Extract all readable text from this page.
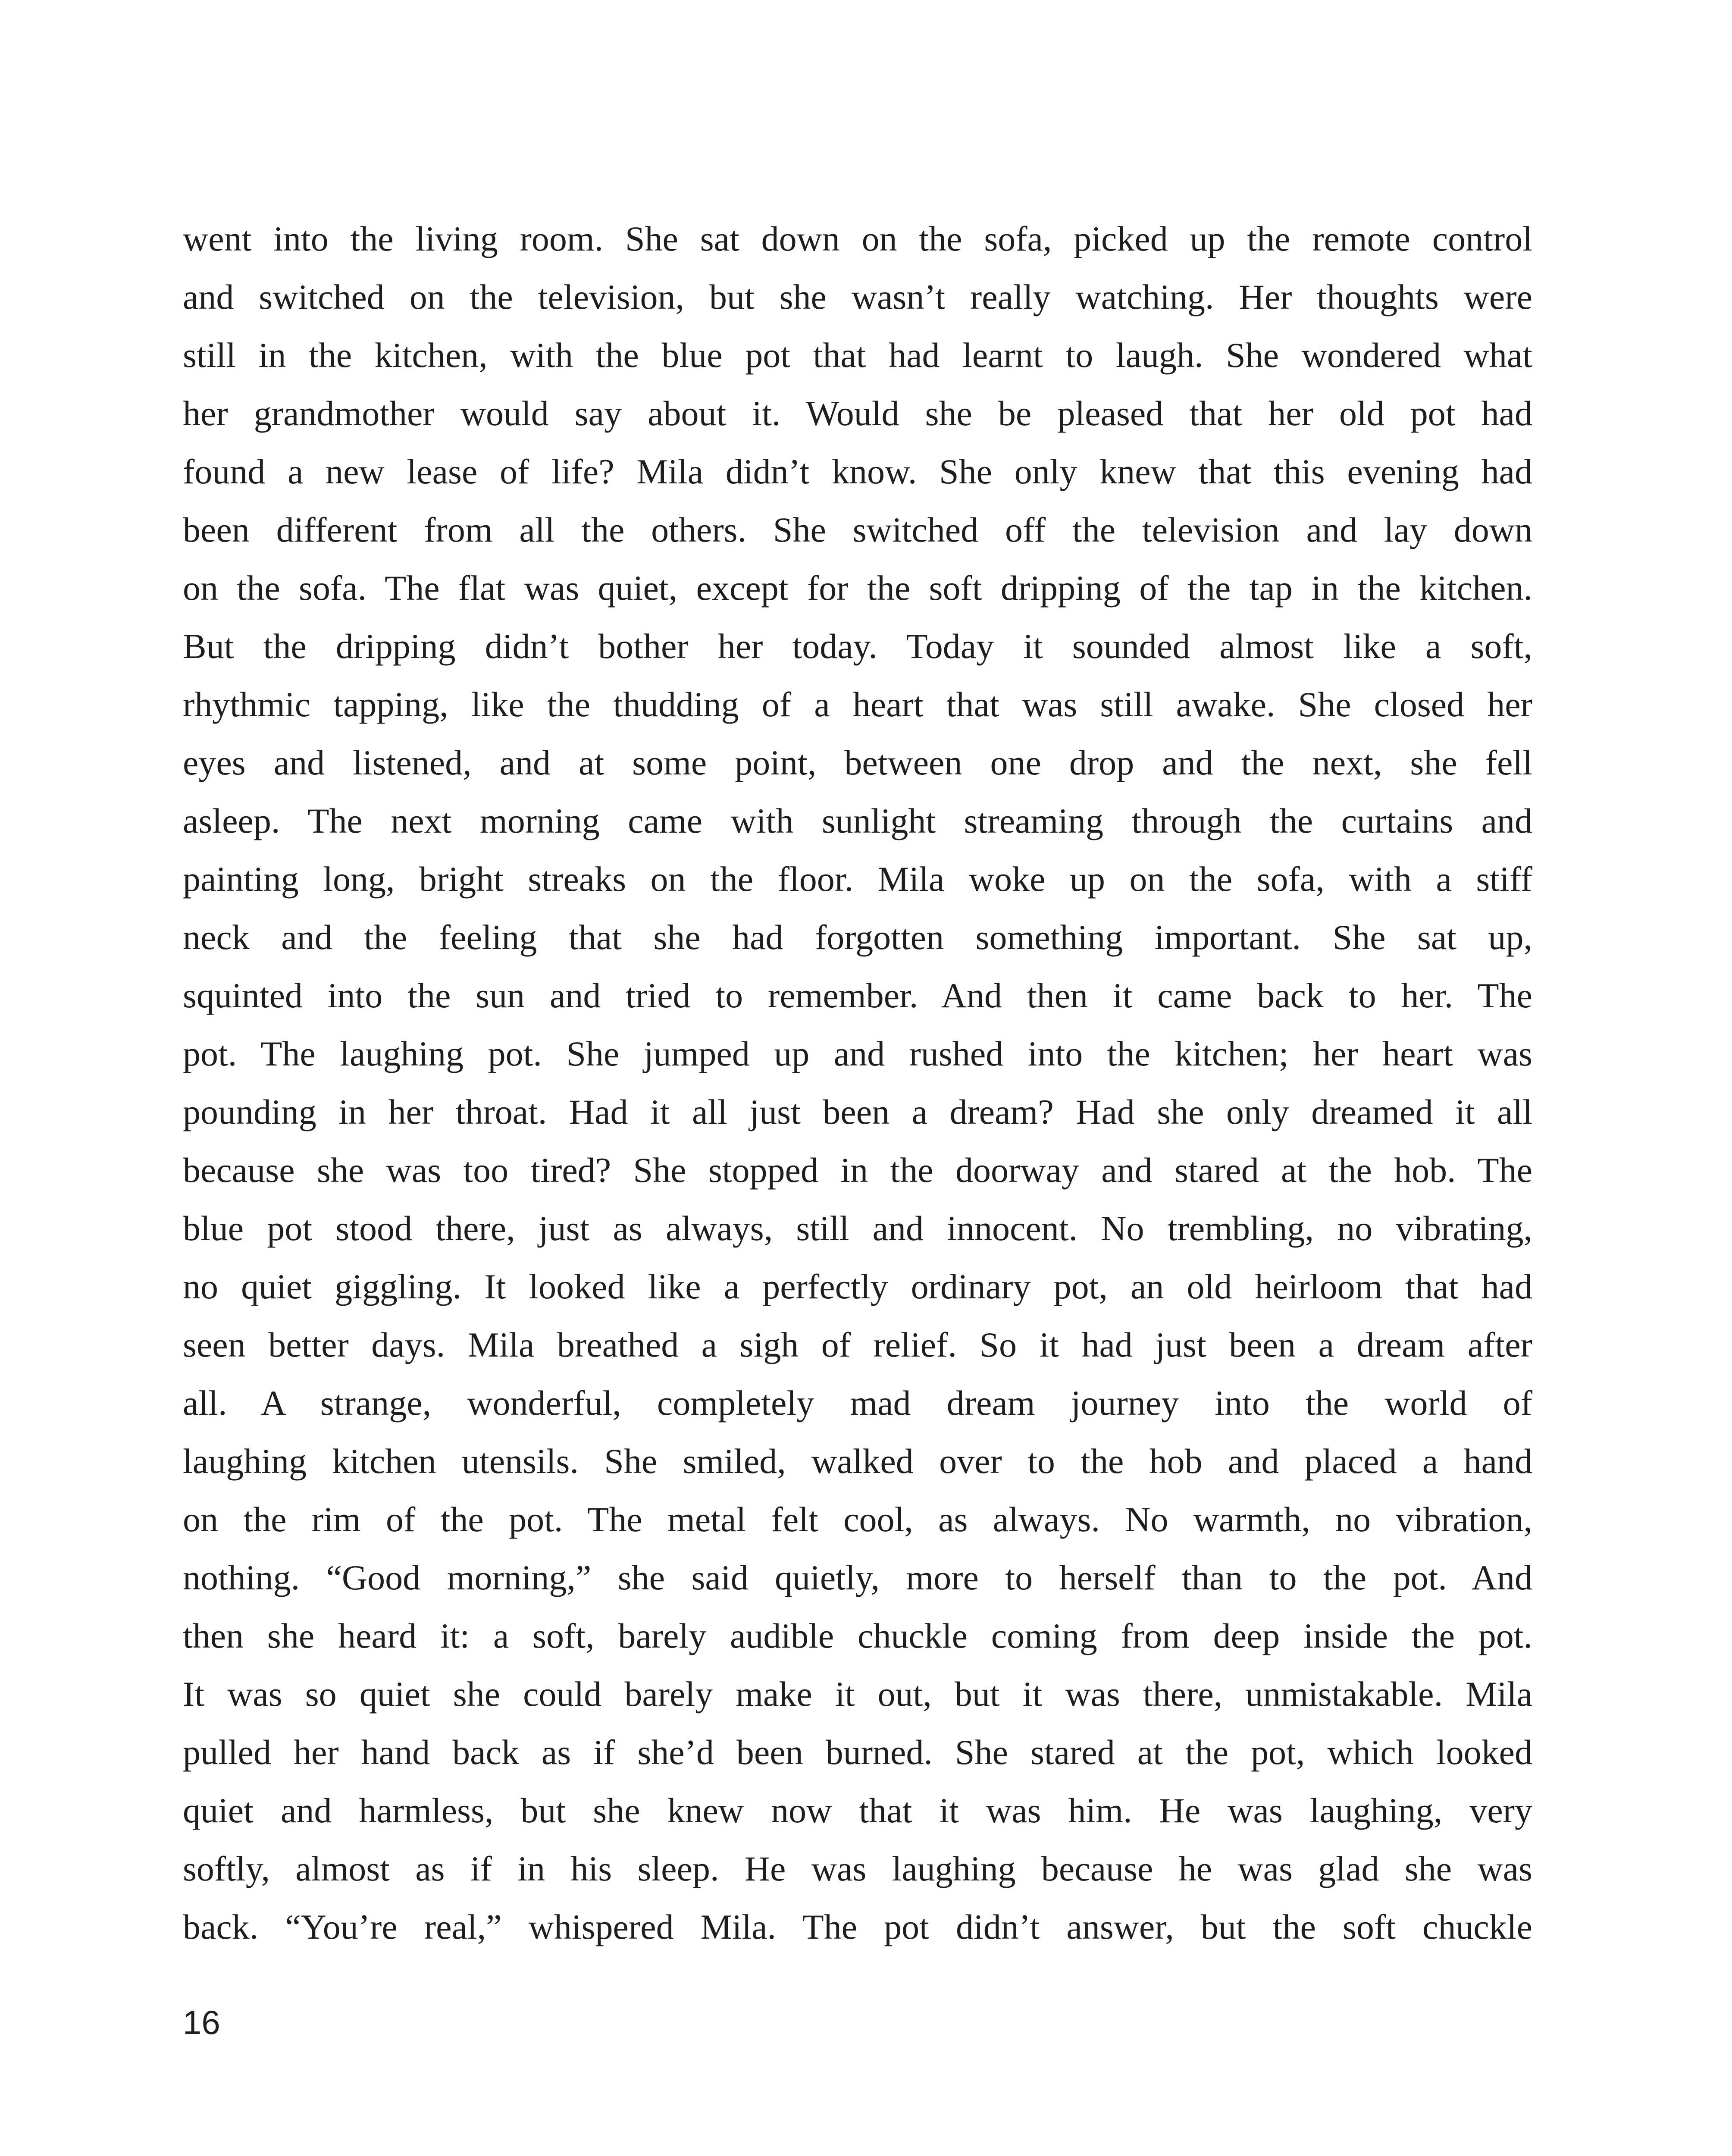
went into the living room. She sat down on the sofa, picked up the remote control
and switched on the television, but she wasn’t really watching. Her thoughts were
still in the kitchen, with the blue pot that had learnt to laugh. She wondered what
her grandmother would say about it. Would she be pleased that her old pot had
found a new lease of life? Mila didn’t know. She only knew that this evening had
been different from all the others. She switched off the television and lay down
on the sofa. The flat was quiet, except for the soft dripping of the tap in the kitchen.
But the dripping didn’t bother her today. Today it sounded almost like a soft,
rhythmic tapping, like the thudding of a heart that was still awake. She closed her
eyes and listened, and at some point, between one drop and the next, she fell
asleep. The next morning came with sunlight streaming through the curtains and
painting long, bright streaks on the floor. Mila woke up on the sofa, with a stiff
neck and the feeling that she had forgotten something important. She sat up,
squinted into the sun and tried to remember. And then it came back to her. The
pot. The laughing pot. She jumped up and rushed into the kitchen; her heart was
pounding in her throat. Had it all just been a dream? Had she only dreamed it all
because she was too tired? She stopped in the doorway and stared at the hob. The
blue pot stood there, just as always, still and innocent. No trembling, no vibrating,
no quiet giggling. It looked like a perfectly ordinary pot, an old heirloom that had
seen better days. Mila breathed a sigh of relief. So it had just been a dream after
all. A strange, wonderful, completely mad dream journey into the world of
laughing kitchen utensils. She smiled, walked over to the hob and placed a hand
on the rim of the pot. The metal felt cool, as always. No warmth, no vibration,
nothing. “Good morning,” she said quietly, more to herself than to the pot. And
then she heard it: a soft, barely audible chuckle coming from deep inside the pot.
It was so quiet she could barely make it out, but it was there, unmistakable. Mila
pulled her hand back as if she’d been burned. She stared at the pot, which looked
quiet and harmless, but she knew now that it was him. He was laughing, very
softly, almost as if in his sleep. He was laughing because he was glad she was
back. “You’re real,” whispered Mila. The pot didn’t answer, but the soft chuckle

16
